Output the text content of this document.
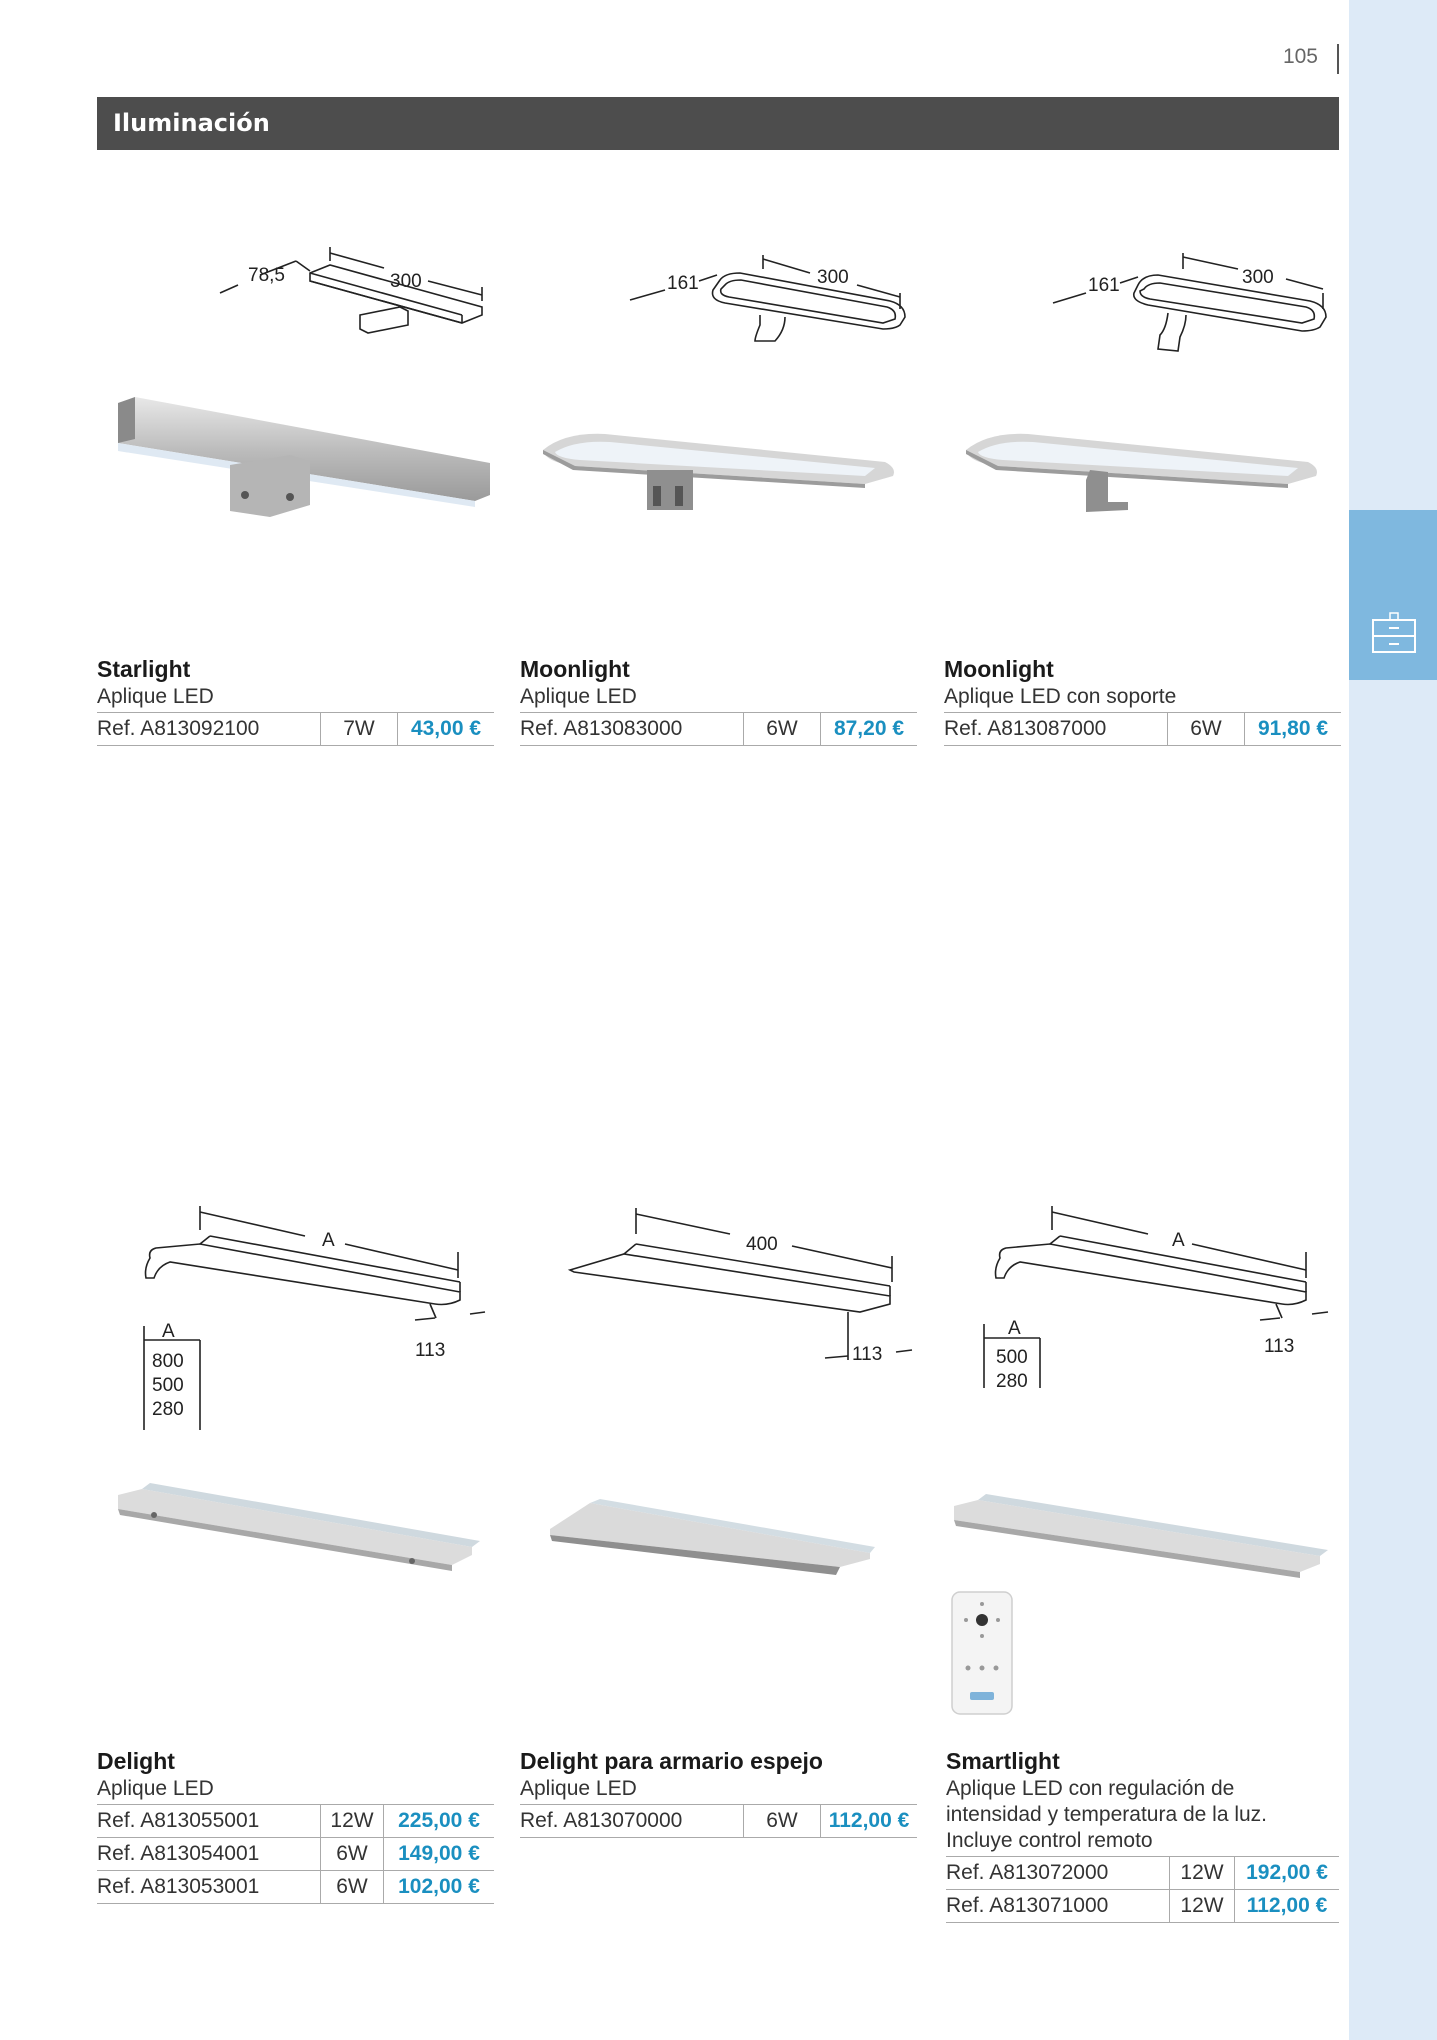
105
Iluminación
78,5	300	161	300	161	300
Starlight
Aplique LED
Ref. A813092100	7W	43,00 €
Moonlight
Aplique LED
Ref. A813083000	6W	87,20 €
Moonlight
Aplique LED con soporte
Ref. A813087000	6W	91,80 €
A
113
A
800
500
280
400
113
A
113
A
500
280
Delight
Aplique LED
Ref. A813055001	12W	225,00 €
Ref. A813054001	6W	149,00 €
Ref. A813053001	6W	102,00 €
Delight para armario espejo
Aplique LED
Ref. A813070000	6W	112,00 €
Smartlight
Aplique LED con regulación de
intensidad y temperatura de la luz.
Incluye control remoto
Ref. A813072000	12W	192,00 €
Ref. A813071000	12W	112,00 €
